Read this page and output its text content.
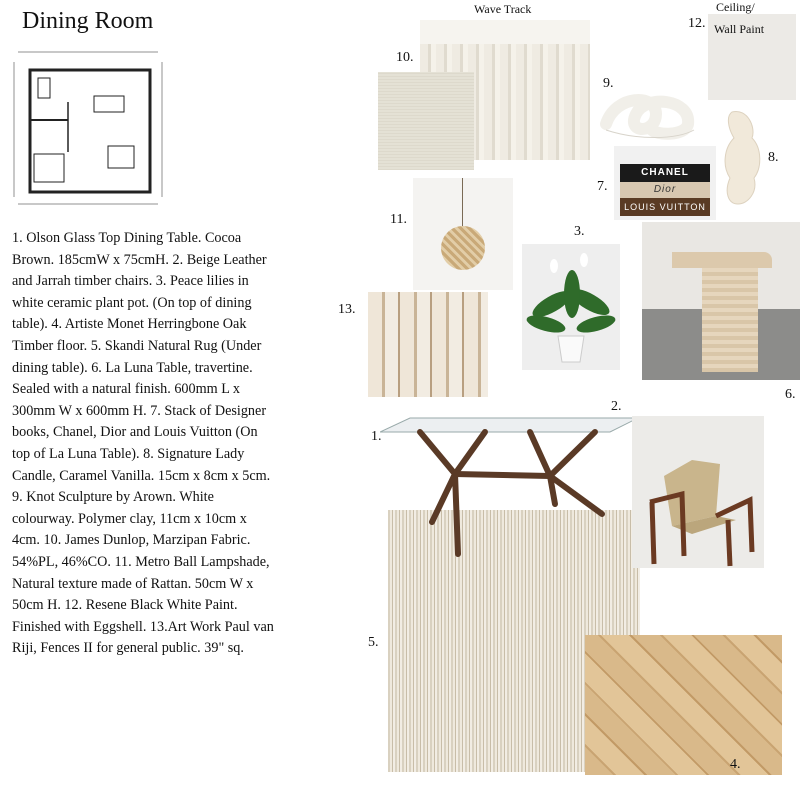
Dining Room
1. Olson Glass Top Dining Table. Cocoa Brown. 185cmW x 75cmH. 2. Beige Leather and Jarrah timber chairs. 3. Peace lilies in white ceramic plant pot. (On top of dining table). 4. Artiste Monet Herringbone Oak Timber floor. 5. Skandi Natural Rug (Under dining table). 6. La Luna Table, travertine. Sealed with a natural finish. 600mm L x 300mm W x 600mm H. 7. Stack of Designer books, Chanel, Dior and Louis Vuitton (On top of La Luna Table). 8. Signature Lady Candle, Caramel Vanilla. 15cm x 8cm x 5cm. 9. Knot Sculpture by Arown. White colourway. Polymer clay, 11cm x 10cm x 4cm. 10. James Dunlop, Marzipan Fabric. 54%PL, 46%CO. 11. Metro Ball Lampshade, Natural texture made of Rattan. 50cm W x 50cm H. 12. Resene Black White Paint. Finished with Eggshell. 13.Art Work Paul van Riji, Fences II for general public. 39" sq.
Wave Track	Ceiling/
Wall Paint
CHANEL
Dior
LOUIS VUITTON
10.
12.
9.
8.
7.
11.
3.
13.
6.
2.
1.
5.
4.
